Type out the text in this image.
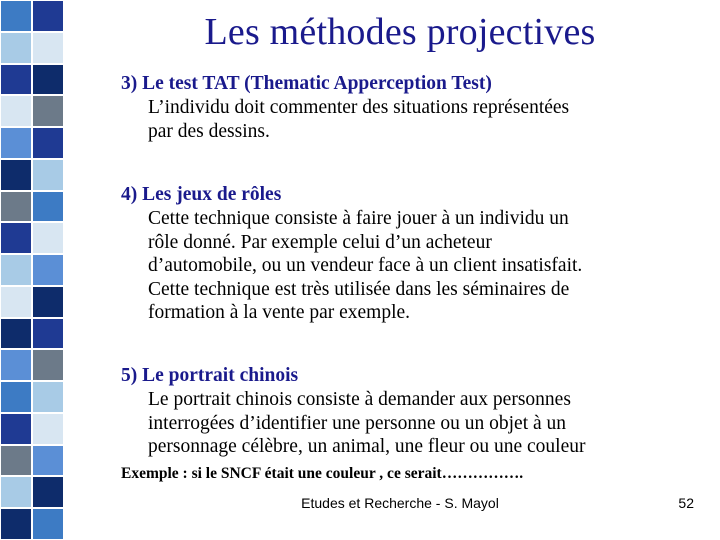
Les méthodes projectives

3) Le test TAT (Thematic Apperception Test)

L’individu doit commenter des situations représentées

par des dessins.

4) Les jeux de rôles

Cette technique consiste à faire jouer à un individu un

rôle donné. Par exemple celui d’un acheteur

d’automobile, ou un vendeur face à un client insatisfait.

Cette technique est très utilisée dans les séminaires de

formation à la vente par exemple.

5) Le portrait chinois

Le portrait chinois consiste à demander aux personnes

interrogées d’identifier une personne ou un objet à un

personnage célèbre, un animal, une fleur ou une couleur

Exemple : si le SNCF était une couleur , ce serait…………….

Etudes et Recherche - S. Mayol	52
